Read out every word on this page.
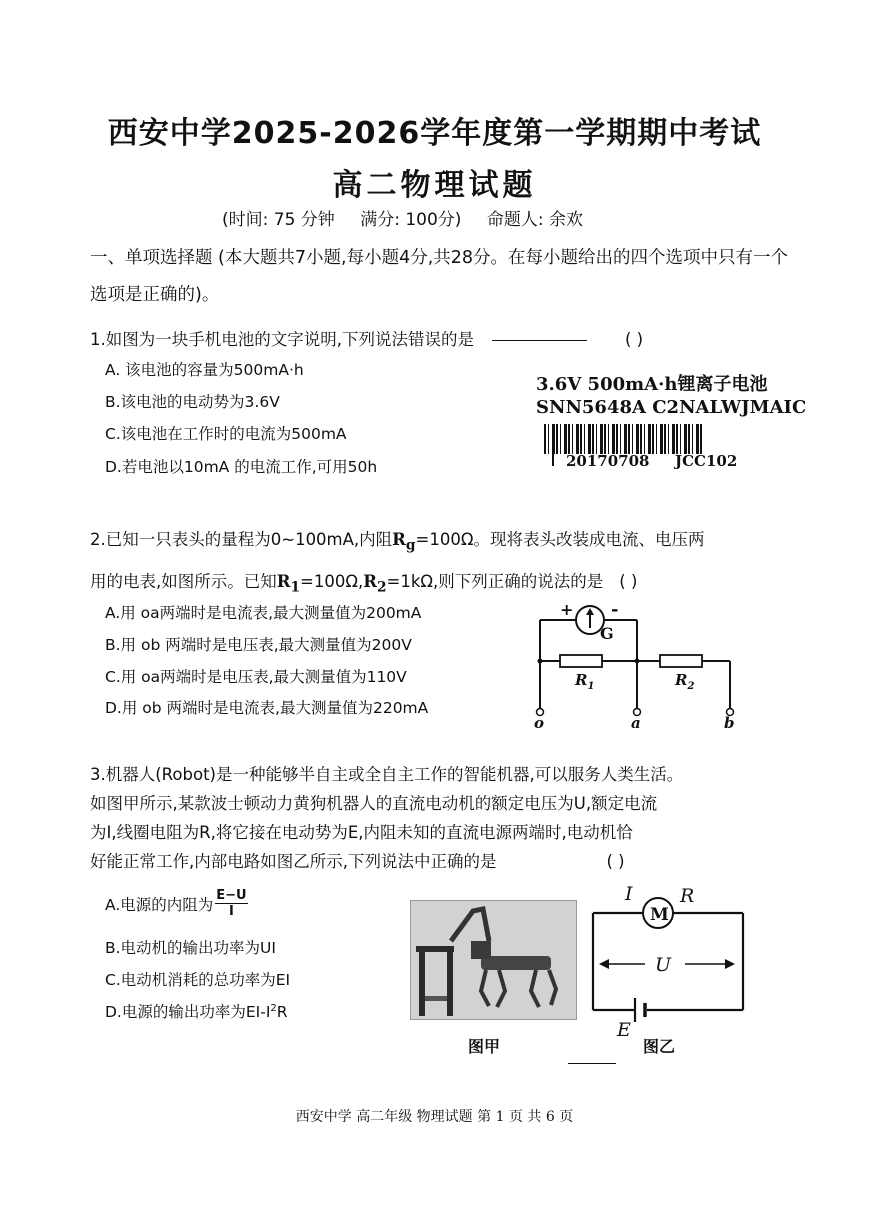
西安中学2025-2026学年度第一学期期中考试
高二物理试题
(时间: 75 分钟 满分: 100分) 命题人: 余欢
一、单项选择题 (本大题共7小题,每小题4分,共28分。在每小题给出的四个选项中只有一个选项是正确的)。
1.如图为一块手机电池的文字说明,下列说法错误的是	( )
A. 该电池的容量为500mA·h
B.该电池的电动势为3.6V
C.该电池在工作时的电流为500mA
D.若电池以10mA 的电流工作,可用50h
3.6V 500mA·h锂离子电池
SNN5648A C2NALWJMAIC
20170708 JCC102
2.已知一只表头的量程为0~100mA,内阻$R_g=100\Omega$。现将表头改装成电流、电压两
用的电表,如图所示。已知$R_1=100\Omega,R_2=1k\Omega$,则下列正确的说法的是 ( )
A.用 oa两端时是电流表,最大测量值为200mA
B.用 ob 两端时是电压表,最大测量值为200V
C.用 oa两端时是电压表,最大测量值为110V
D.用 ob 两端时是电流表,最大测量值为220mA
+ -
G
$R_1$	$R_2$
o	a	b
3.机器人(Robot)是一种能够半自主或全自主工作的智能机器,可以服务人类生活。
如图甲所示,某款波士顿动力黄狗机器人的直流电动机的额定电压为U,额定电流
为I,线圈电阻为R,将它接在电动势为E,内阻未知的直流电源两端时,电动机恰
好能正常工作,内部电路如图乙所示,下列说法中正确的是	( )
A.电源的内阻为 $\frac{E-U}{I}$
B.电动机的输出功率为UI
C.电动机消耗的总功率为EI
D.电源的输出功率为$EI-I^2R$
图甲
M
I R
U
E
图乙
西安中学 高二年级 物理试题 第 1 页 共 6 页
